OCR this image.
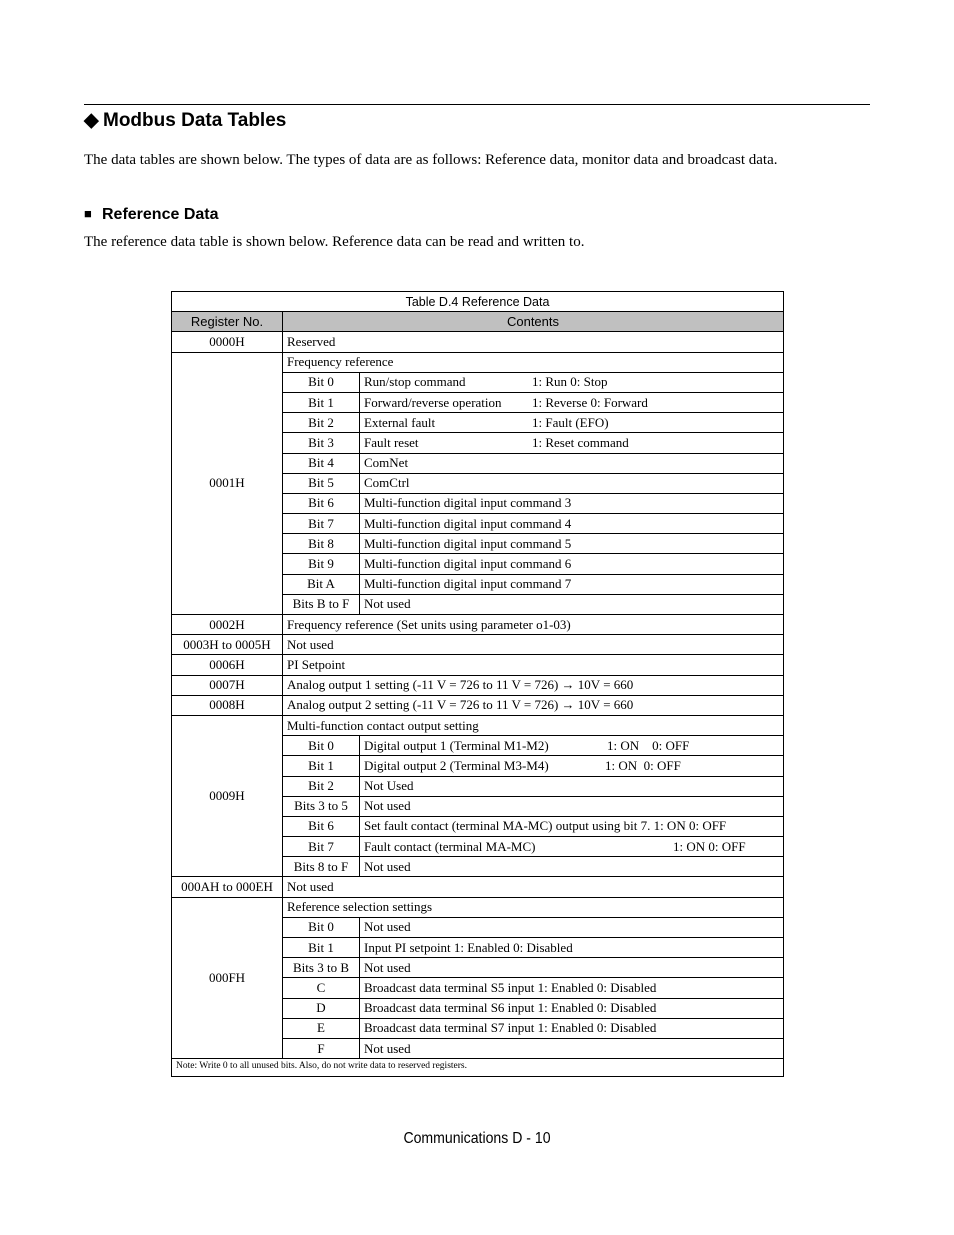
◆ Modbus Data Tables

The data tables are shown below. The types of data are as follows: Reference data, monitor data and broadcast data.

■ Reference Data

The reference data table is shown below. Reference data can be read and written to.

Table D.4 Reference Data		
Register No.	Contents	
0000H	Reserved	
0001H	Frequency reference	
	Bit 0	Run/stop command 1: Run 0: Stop
	Bit 1	Forward/reverse operation 1: Reverse 0: Forward
	Bit 2	External fault 1: Fault (EFO)
	Bit 3	Fault reset 1: Reset command
	Bit 4	ComNet
	Bit 5	ComCtrl
	Bit 6	Multi-function digital input command 3
	Bit 7	Multi-function digital input command 4
	Bit 8	Multi-function digital input command 5
	Bit 9	Multi-function digital input command 6
	Bit A	Multi-function digital input command 7
	Bits B to F	Not used
0002H	Frequency reference (Set units using parameter o1-03)	
0003H to 0005H	Not used	
0006H	PI Setpoint	
0007H	Analog output 1 setting (-11 V = 726 to 11 V = 726) → 10V = 660	
0008H	Analog output 2 setting (-11 V = 726 to 11 V = 726) → 10V = 660	
0009H	Multi-function contact output setting	
	Bit 0	Digital output 1 (Terminal M1-M2) 1: ON    0: OFF
	Bit 1	Digital output 2 (Terminal M3-M4) 1: ON  0: OFF
	Bit 2	Not Used
	Bits 3 to 5	Not used
	Bit 6	Set fault contact (terminal MA-MC) output using bit 7. 1: ON 0: OFF
	Bit 7	Fault contact (terminal MA-MC) 1: ON 0: OFF
	Bits 8 to F	Not used
000AH to 000EH	Not used	
000FH	Reference selection settings	
	Bit 0	Not used
	Bit 1	Input PI setpoint 1: Enabled 0: Disabled
	Bits 3 to B	Not used
	C	Broadcast data terminal S5 input 1: Enabled 0: Disabled
	D	Broadcast data terminal S6 input 1: Enabled 0: Disabled
	E	Broadcast data terminal S7 input 1: Enabled 0: Disabled
	F	Not used
Note: Write 0 to all unused bits. Also, do not write data to reserved registers.		

Communications D - 10
